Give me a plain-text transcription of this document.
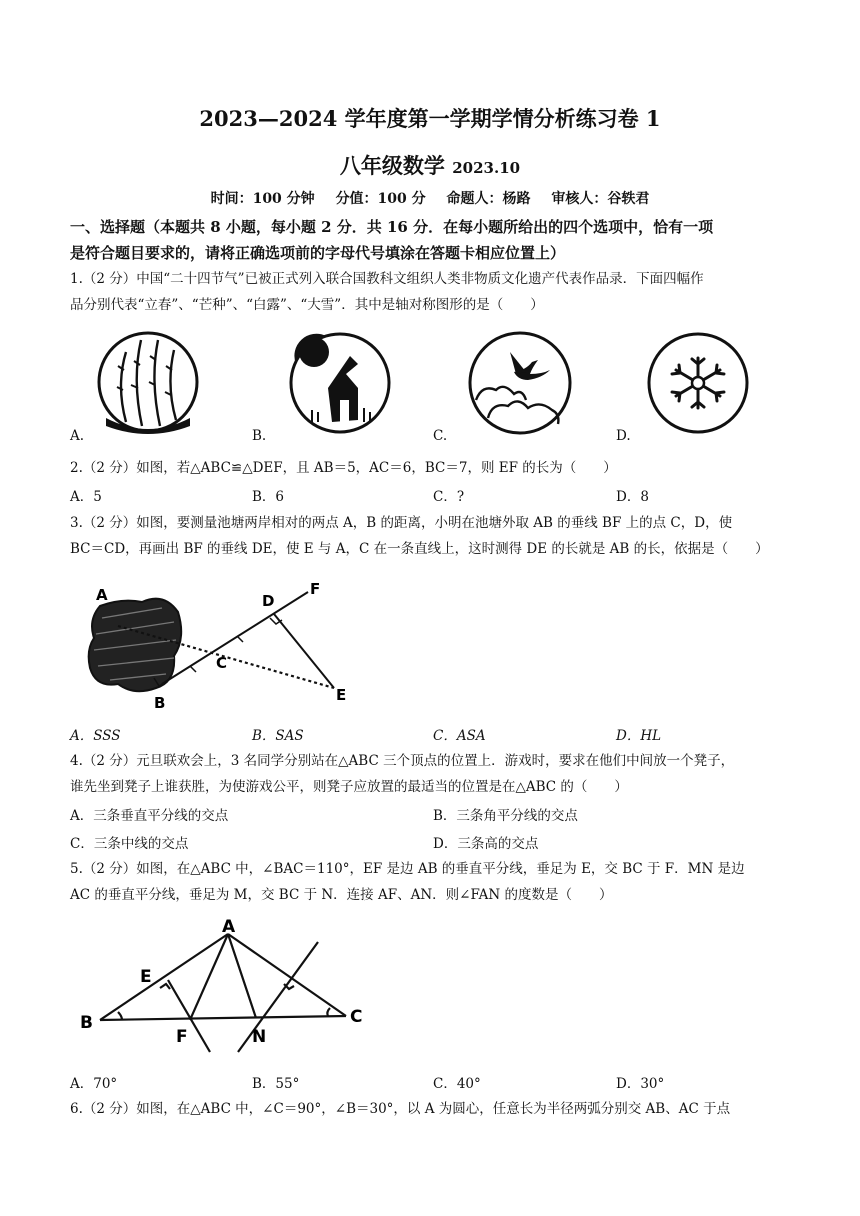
2023—2024 学年度第一学期学情分析练习卷 1
八年级数学 2023.10
时间：100 分钟 分值：100 分 命题人：杨路 审核人：谷轶君
一、选择题（本题共 8 小题，每小题 2 分．共 16 分．在每小题所给出的四个选项中，恰有一项
是符合题目要求的，请将正确选项前的字母代号填涂在答题卡相应位置上）
1.（2 分）中国“二十四节气”已被正式列入联合国教科文组织人类非物质文化遗产代表作品录．下面四幅作
品分别代表“立春”、“芒种”、“白露”、“大雪”．其中是轴对称图形的是（　　）
A.	B.	C.	D.
2.（2 分）如图，若△ABC≌△DEF，且 AB＝5，AC＝6，BC＝7，则 EF 的长为（　　）
A．5	B．6	C．?	D．8
3.（2 分）如图，要测量池塘两岸相对的两点 A，B 的距离，小明在池塘外取 AB 的垂线 BF 上的点 C，D，使
BC＝CD，再画出 BF 的垂线 DE，使 E 与 A，C 在一条直线上，这时测得 DE 的长就是 AB 的长，依据是（　　）
A
B
C
D
E
F
A．SSS	B．SAS	C．ASA	D．HL
4.（2 分）元旦联欢会上，3 名同学分别站在△ABC 三个顶点的位置上．游戏时，要求在他们中间放一个凳子，
谁先坐到凳子上谁获胜，为使游戏公平，则凳子应放置的最适当的位置是在△ABC 的（　　）
A．三条垂直平分线的交点	B．三条角平分线的交点
C．三条中线的交点	D．三条高的交点
5.（2 分）如图，在△ABC 中，∠BAC＝110°，EF 是边 AB 的垂直平分线，垂足为 E，交 BC 于 F．MN 是边
AC 的垂直平分线，垂足为 M，交 BC 于 N．连接 AF、AN．则∠FAN 的度数是（　　）
A
B	C
E
F	N
A．70°	B．55°	C．40°	D．30°
6.（2 分）如图，在△ABC 中，∠C＝90°，∠B＝30°，以 A 为圆心，任意长为半径两弧分别交 AB、AC 于点
